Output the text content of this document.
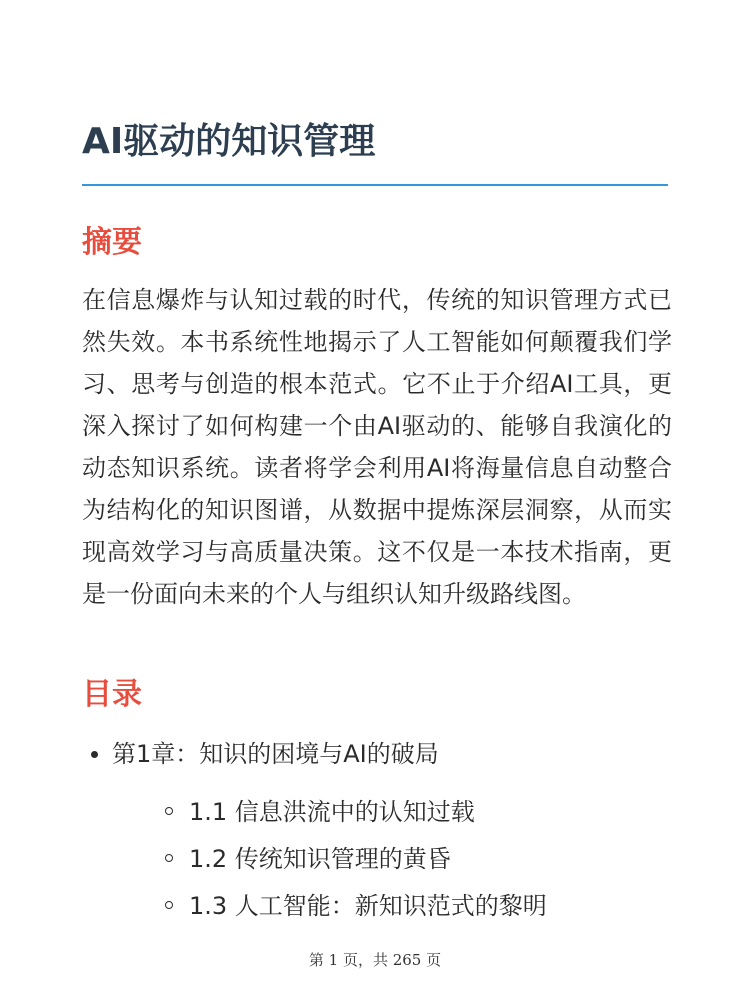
AI驱动的知识管理
摘要

在信息爆炸与认知过载的时代，传统的知识管理方式已然失效。本书系统性地揭示了人工智能如何颠覆我们学习、思考与创造的根本范式。它不止于介绍AI工具，更深入探讨了如何构建一个由AI驱动的、能够自我演化的动态知识系统。读者将学会利用AI将海量信息自动整合为结构化的知识图谱，从数据中提炼深层洞察，从而实现高效学习与高质量决策。这不仅是一本技术指南，更是一份面向未来的个人与组织认知升级路线图。

目录
第1章：知识的困境与AI的破局
1.1 信息洪流中的认知过载
1.2 传统知识管理的黄昏
1.3 人工智能：新知识范式的黎明
第 1 页，共 265 页
